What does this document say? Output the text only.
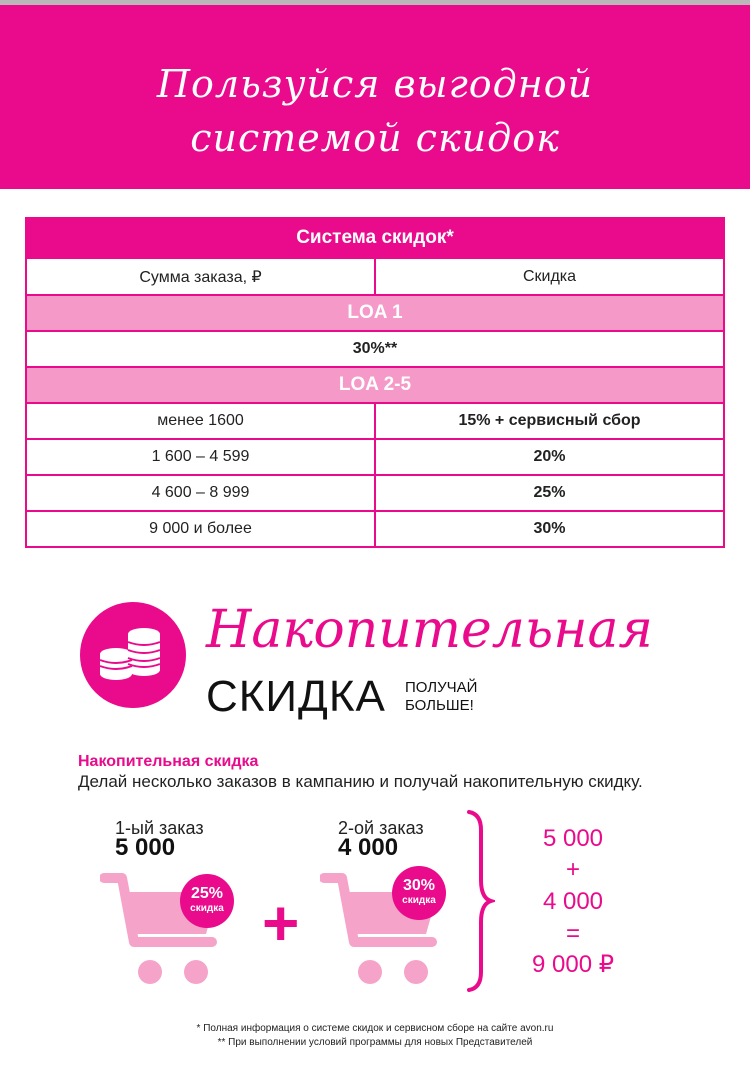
Пользуйся выгодной
системой скидок
Система скидок*	
Сумма заказа, ₽	Скидка
LOA 1	
30%**	
LOA 2-5	
менее 1600	15% + сервисный сбор
1 600 – 4 599	20%
4 600 – 8 999	25%
9 000 и более	30%
Накопительная
СКИДКА ПОЛУЧАЙ
БОЛЬШЕ!
Накопительная скидка
Делай несколько заказов в кампанию и получай накопительную скидку.
1-ый заказ
5 000
25%
скидка +
2-ой заказ
4 000
30%
скидка
5 000
+
4 000
=
9 000 ₽
* Полная информация о системе скидок и сервисном сборе на сайте avon.ru
** При выполнении условий программы для новых Представителей
